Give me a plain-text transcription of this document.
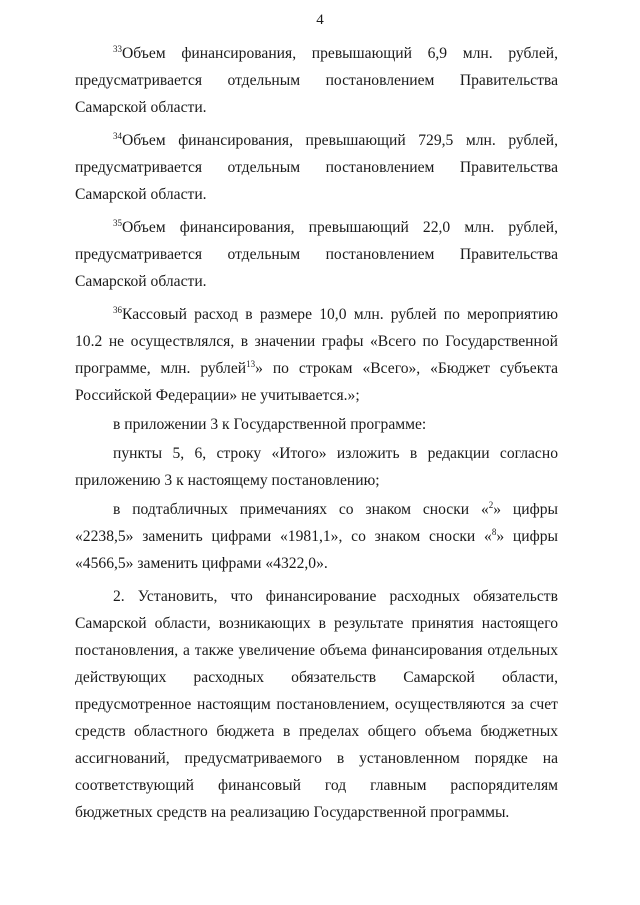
4

$^{33}$Объем финансирования, превышающий 6,9 млн. рублей,

предусматривается отдельным постановлением Правительства Самарской области.

$^{34}$Объем финансирования, превышающий 729,5 млн. рублей,

предусматривается отдельным постановлением Правительства Самарской области.

$^{35}$Объем финансирования, превышающий 22,0 млн. рублей,

предусматривается отдельным постановлением Правительства Самарской области.

$^{36}$Кассовый расход в размере 10,0 млн. рублей по мероприятию 10.2 не осуществлялся, в значении графы «Всего по Государственной программе, млн. рублей$^{13}$» по строкам «Всего», «Бюджет субъекта Российской Федерации» не учитывается.»;

в приложении 3 к Государственной программе:

пункты 5, 6, строку «Итого» изложить в редакции согласно приложению 3 к настоящему постановлению;

в подтабличных примечаниях со знаком сноски «$^2$» цифры «2238,5» заменить цифрами «1981,1», со знаком сноски «$^8$» цифры «4566,5» заменить цифрами «4322,0».

2. Установить, что финансирование расходных обязательств Самарской области, возникающих в результате принятия настоящего постановления, а также увеличение объема финансирования отдельных действующих расходных обязательств Самарской области, предусмотренное настоящим постановлением, осуществляются за счет средств областного бюджета в пределах общего объема бюджетных ассигнований, предусматриваемого в установленном порядке на соответствующий финансовый год главным распорядителям бюджетных средств на реализацию Государственной программы.
